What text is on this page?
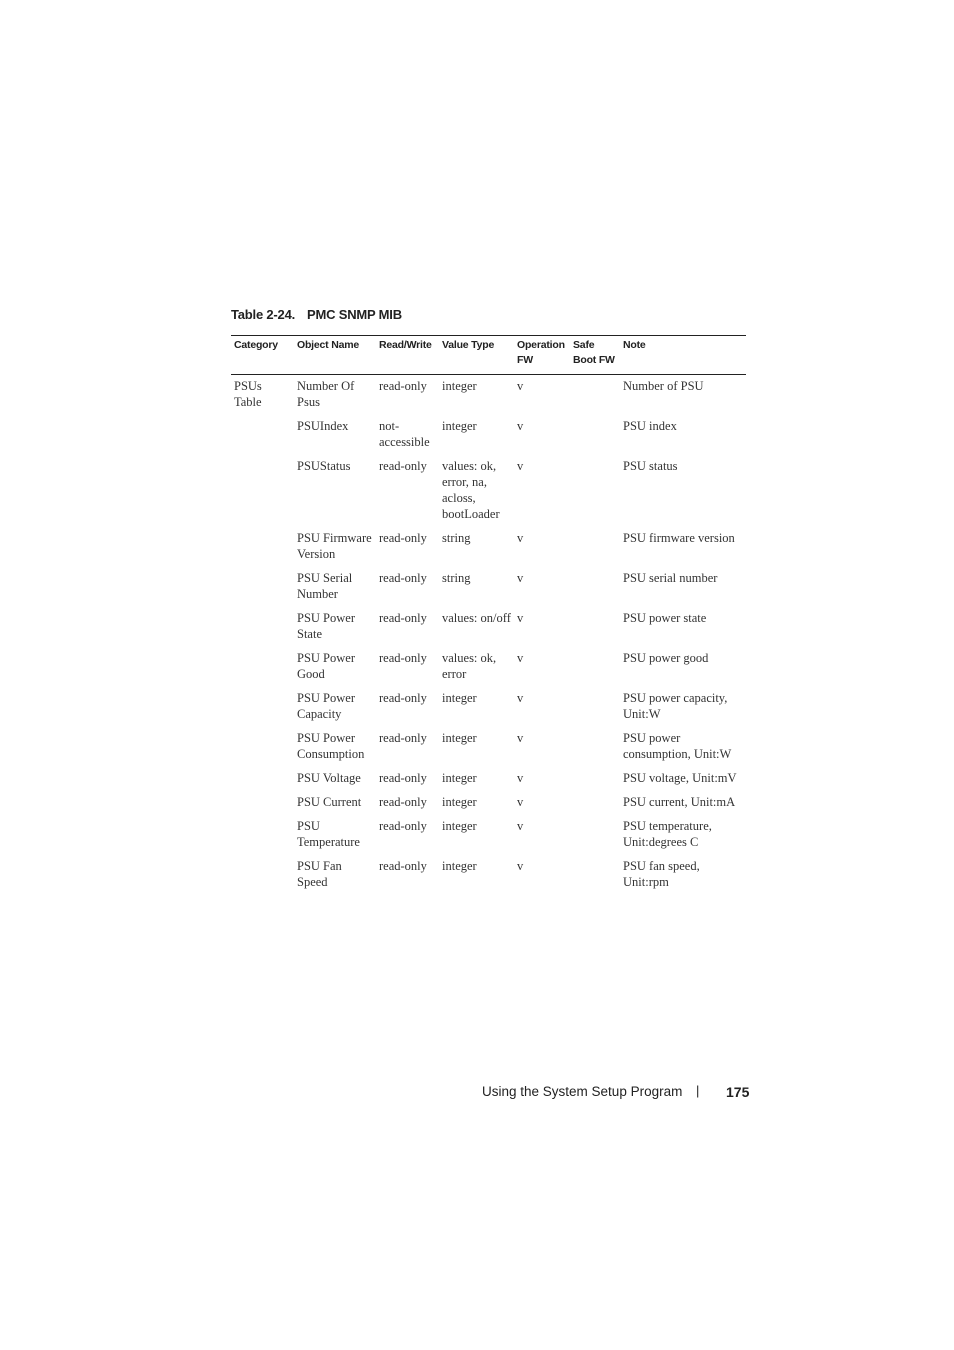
Table 2-24. PMC SNMP MIB
Category	Object Name	Read/Write	Value Type	Operation FW	Safe Boot FW	Note
PSUs Table	Number Of Psus	read-only	integer	v		Number of PSU
	PSUIndex	not-accessible	integer	v		PSU index
	PSUStatus	read-only	values: ok, error, na, acloss, bootLoader	v		PSU status
	PSU Firmware Version	read-only	string	v		PSU firmware version
	PSU Serial Number	read-only	string	v		PSU serial number
	PSU Power State	read-only	values: on/off	v		PSU power state
	PSU Power Good	read-only	values: ok, error	v		PSU power good
	PSU Power Capacity	read-only	integer	v		PSU power capacity, Unit:W
	PSU Power Consumption	read-only	integer	v		PSU power consumption, Unit:W
	PSU Voltage	read-only	integer	v		PSU voltage, Unit:mV
	PSU Current	read-only	integer	v		PSU current, Unit:mA
	PSU Temperature	read-only	integer	v		PSU temperature, Unit:degrees C
	PSU Fan Speed	read-only	integer	v		PSU fan speed, Unit:rpm
Using the System Setup Program | 175
